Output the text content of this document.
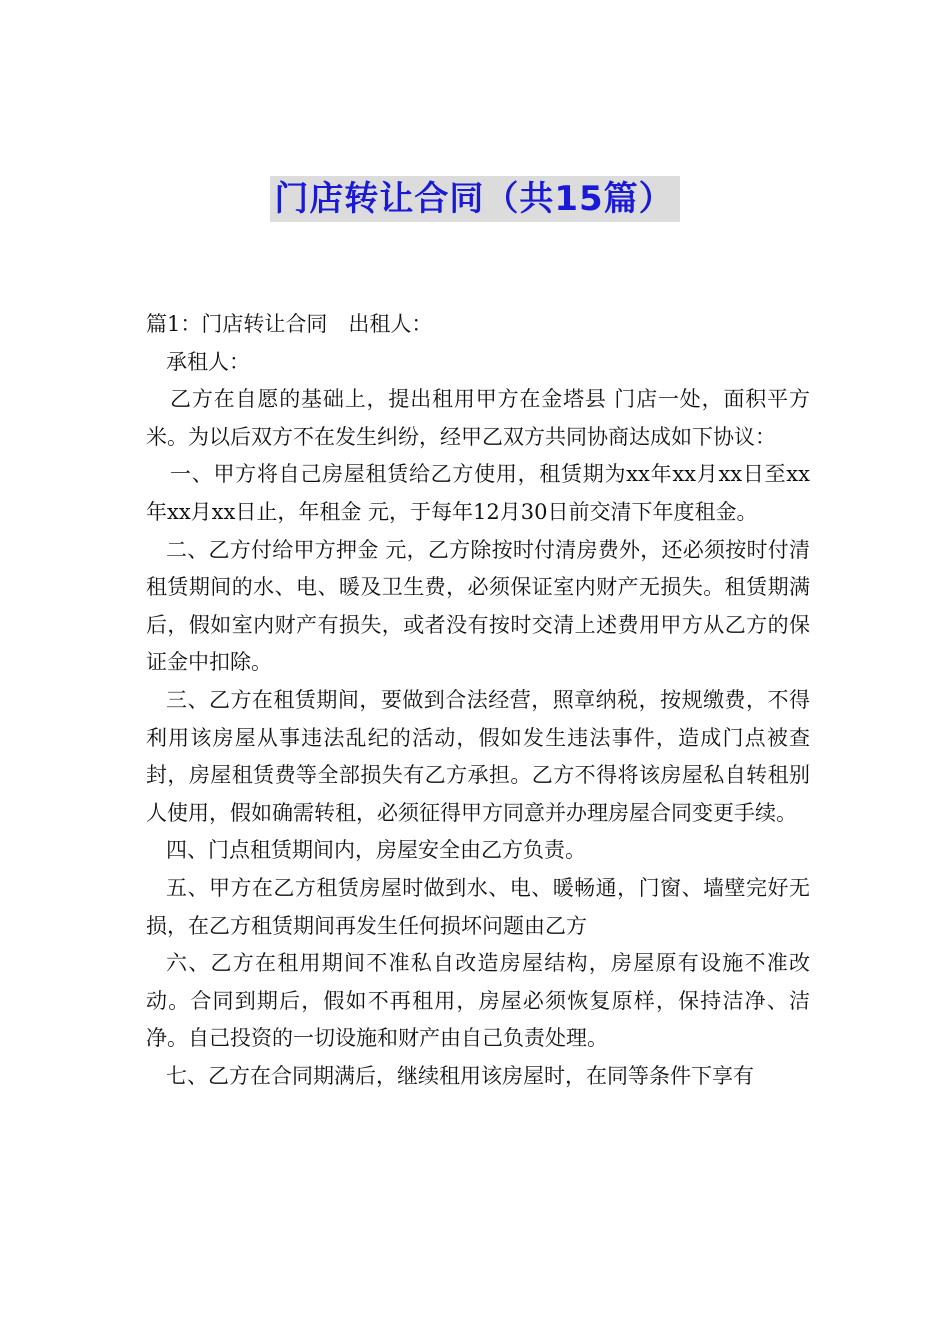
门店转让合同（共15篇）

篇1：门店转让合同　出租人：

承租人：

乙方在自愿的基础上，提出租用甲方在金塔县 门店一处，面积平方米。为以后双方不在发生纠纷，经甲乙双方共同协商达成如下协议：

一、甲方将自己房屋租赁给乙方使用，租赁期为xx年xx月xx日至xx年xx月xx日止，年租金 元，于每年12月30日前交清下年度租金。

二、乙方付给甲方押金 元，乙方除按时付清房费外，还必须按时付清租赁期间的水、电、暖及卫生费，必须保证室内财产无损失。租赁期满后，假如室内财产有损失，或者没有按时交清上述费用甲方从乙方的保证金中扣除。

三、乙方在租赁期间，要做到合法经营，照章纳税，按规缴费，不得利用该房屋从事违法乱纪的活动，假如发生违法事件，造成门点被查封，房屋租赁费等全部损失有乙方承担。乙方不得将该房屋私自转租别人使用，假如确需转租，必须征得甲方同意并办理房屋合同变更手续。

四、门点租赁期间内，房屋安全由乙方负责。

五、甲方在乙方租赁房屋时做到水、电、暖畅通，门窗、墙壁完好无损，在乙方租赁期间再发生任何损坏问题由乙方

六、乙方在租用期间不准私自改造房屋结构，房屋原有设施不准改动。合同到期后，假如不再租用，房屋必须恢复原样，保持洁净、洁净。自己投资的一切设施和财产由自己负责处理。

七、乙方在合同期满后，继续租用该房屋时，在同等条件下享有
